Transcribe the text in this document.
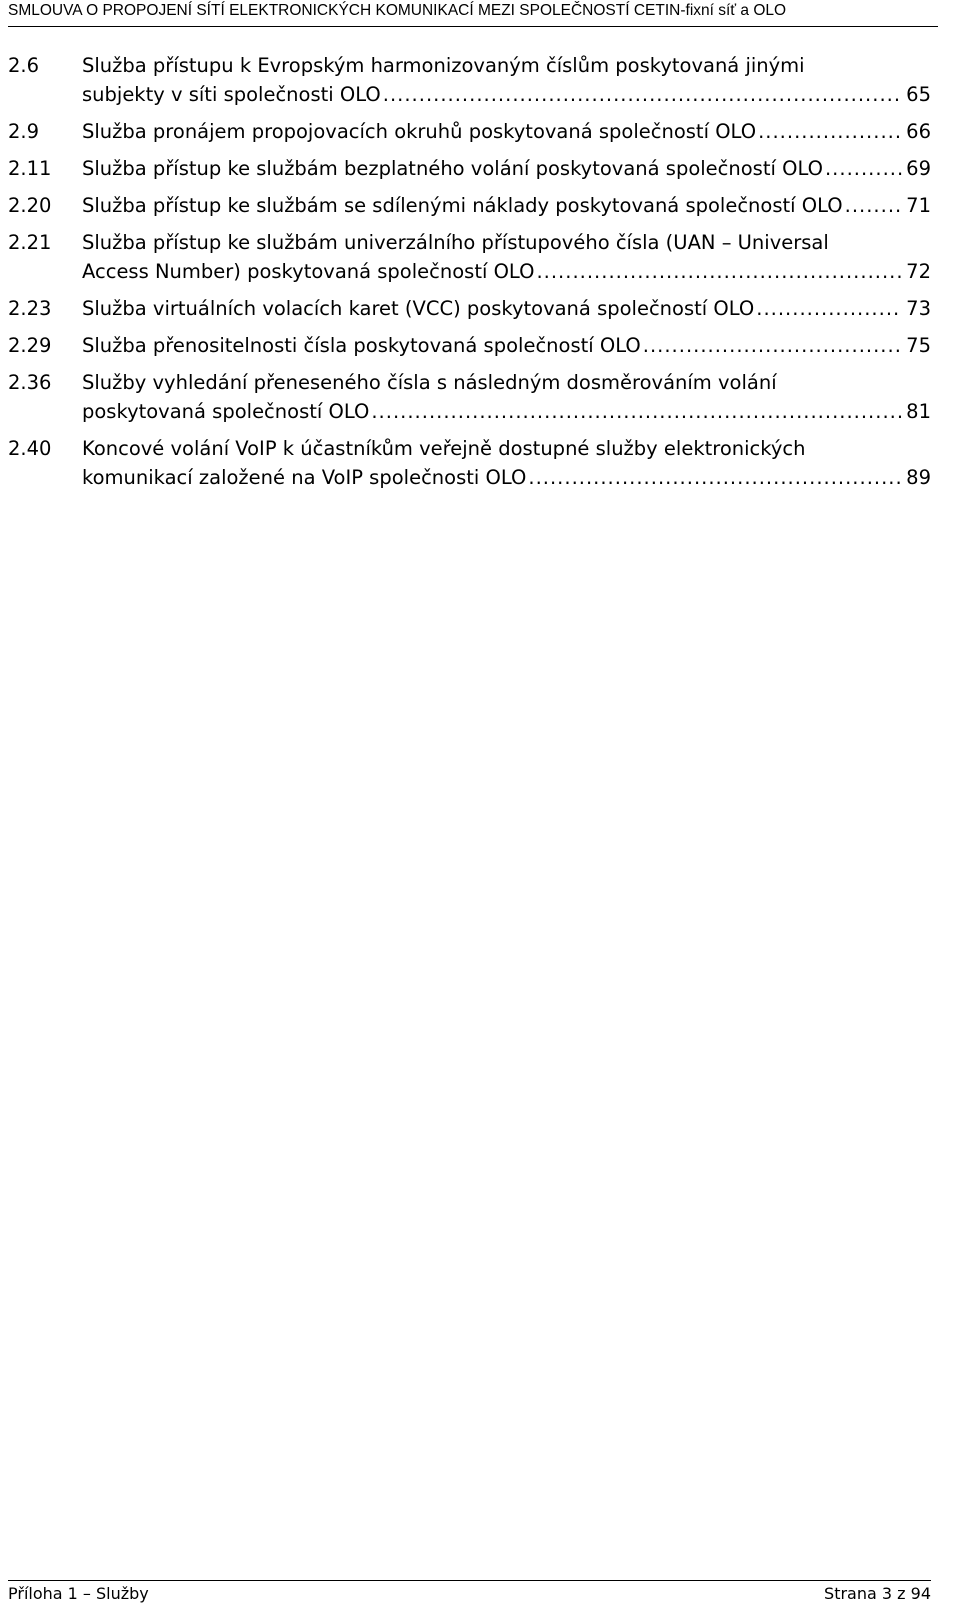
SMLOUVA O PROPOJENÍ SÍTÍ ELEKTRONICKÝCH KOMUNIKACÍ MEZI SPOLEČNOSTÍ CETIN-fixní síť a OLO
2.6	Služba přístupu k Evropským harmonizovaným číslům poskytovaná jinými
subjekty v síti společnosti OLO .....	65
2.9	Služba pronájem propojovacích okruhů poskytovaná společností OLO .....	66
2.11	Služba přístup ke službám bezplatného volání poskytovaná společností OLO .....	69
2.20	Služba přístup ke službám se sdílenými náklady poskytovaná společností OLO .....	71
2.21	Služba přístup ke službám univerzálního přístupového čísla (UAN – Universal
Access Number) poskytovaná společností OLO .....	72
2.23	Služba virtuálních volacích karet (VCC) poskytovaná společností OLO .....	73
2.29	Služba přenositelnosti čísla poskytovaná společností OLO .....	75
2.36	Služby vyhledání přeneseného čísla s následným dosměrováním volání
poskytovaná společností OLO .....	81
2.40	Koncové volání VoIP k účastníkům veřejně dostupné služby elektronických
komunikací založené na VoIP společnosti OLO .....	89
Příloha 1 – Služby	Strana 3 z 94
